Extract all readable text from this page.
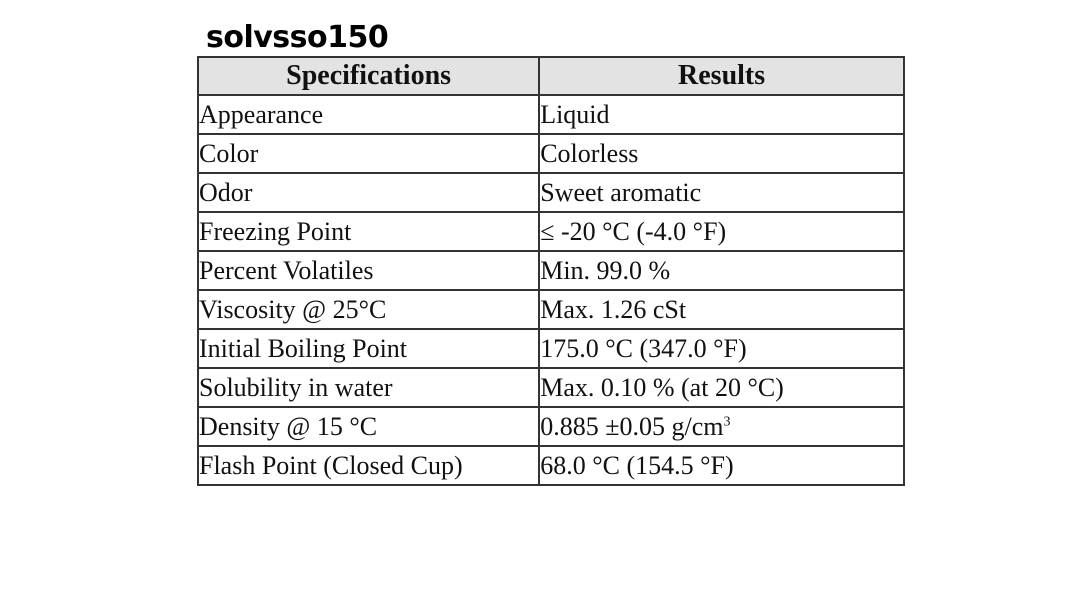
solvsso150
Specifications	Results
Appearance	Liquid
Color	Colorless
Odor	Sweet aromatic
Freezing Point	≤ -20 °C (-4.0 °F)
Percent Volatiles	Min. 99.0 %
Viscosity @ 25°C	Max. 1.26 cSt
Initial Boiling Point	175.0 °C (347.0 °F)
Solubility in water	Max. 0.10 % (at 20 °C)
Density @ 15 °C	0.885 ±0.05 $g/cm^3$
Flash Point (Closed Cup)	68.0 °C (154.5 °F)
